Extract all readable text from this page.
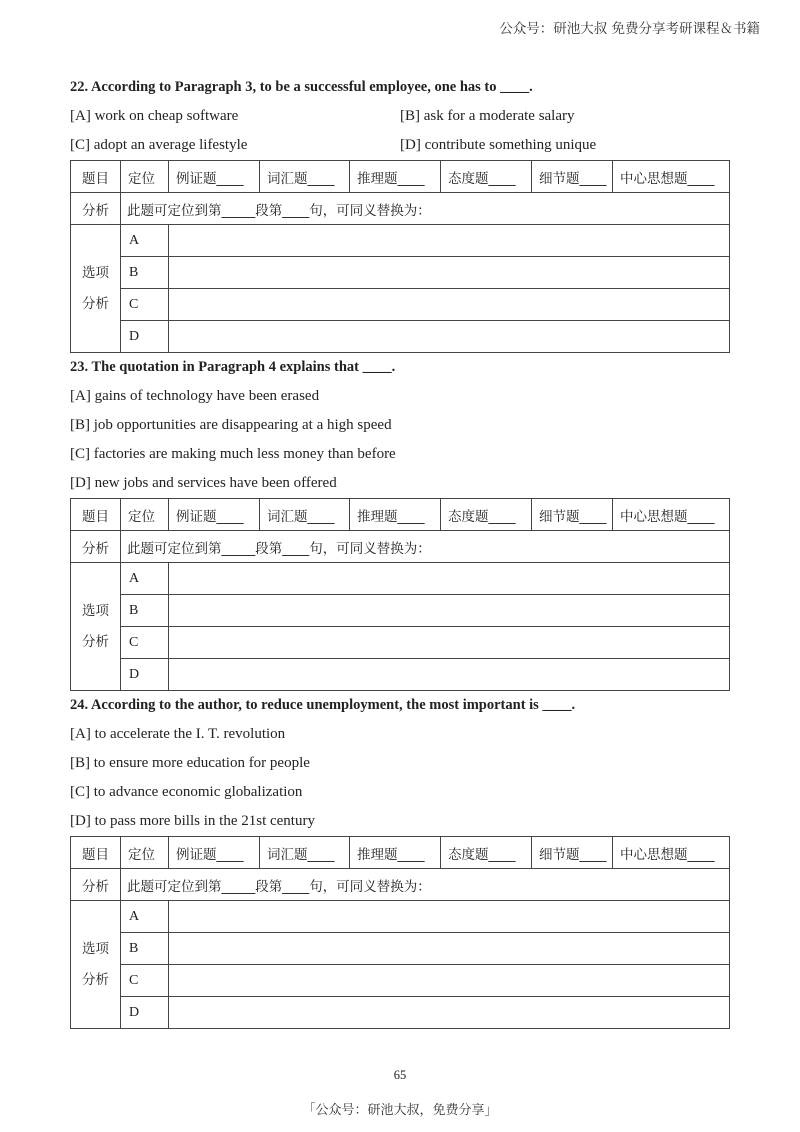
公众号：研池大叔 免费分享考研课程＆书籍
22. According to Paragraph 3, to be a successful employee, one has to ____.
[A] work on cheap software	[B] ask for a moderate salary
[C] adopt an average lifestyle	[D] contribute something unique
题目	定位	例证题____	词汇题____	推理题____	态度题____	细节题____	中心思想题____
分析	此题可定位到第_____段第____句，可同义替换为：						

选项
分析	A						
	B						
	C						
	D						
23. The quotation in Paragraph 4 explains that ____.
[A] gains of technology have been erased
[B] job opportunities are disappearing at a high speed
[C] factories are making much less money than before
[D] new jobs and services have been offered
题目	定位	例证题____	词汇题____	推理题____	态度题____	细节题____	中心思想题____
分析	此题可定位到第_____段第____句，可同义替换为：						

选项
分析	A						
	B						
	C						
	D						
24. According to the author, to reduce unemployment, the most important is ____.
[A] to accelerate the I. T. revolution
[B] to ensure more education for people
[C] to advance economic globalization
[D] to pass more bills in the 21st century
题目	定位	例证题____	词汇题____	推理题____	态度题____	细节题____	中心思想题____
分析	此题可定位到第_____段第____句，可同义替换为：						

选项
分析	A						
	B						
	C						
	D						
65
「公众号：研池大叔，免费分享」
